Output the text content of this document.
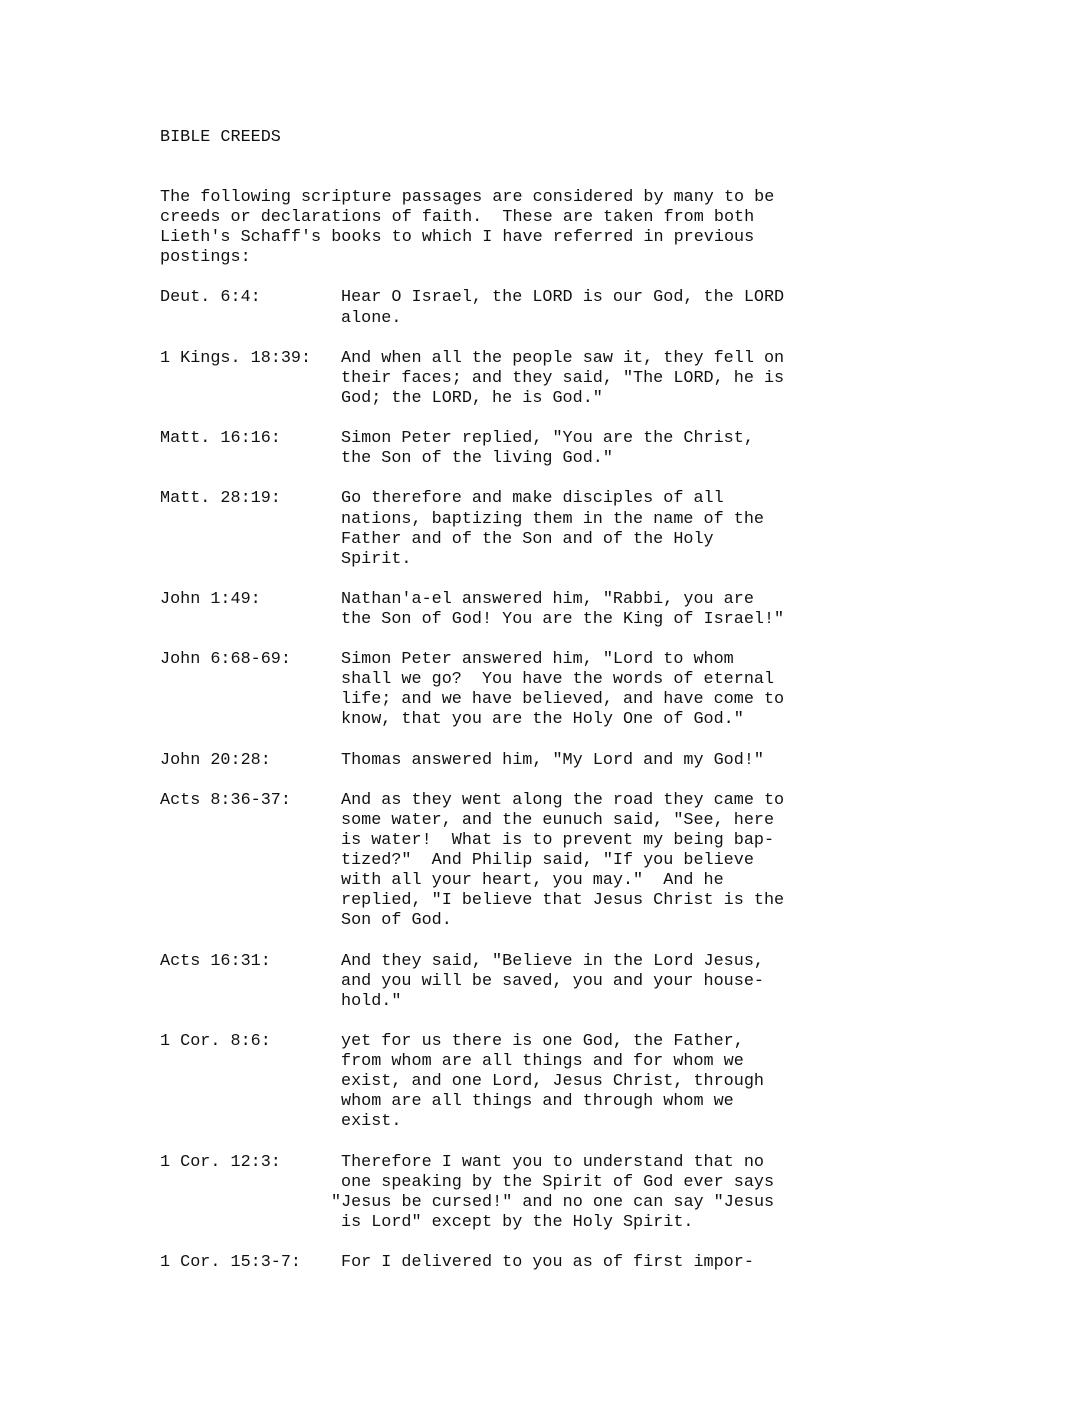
BIBLE CREEDS
The following scripture passages are considered by many to be
creeds or declarations of faith.  These are taken from both
Lieth's Schaff's books to which I have referred in previous
postings:
Deut. 6:4:	Hear O Israel, the LORD is our God, the LORD
alone.
1 Kings. 18:39:	And when all the people saw it, they fell on
their faces; and they said, "The LORD, he is
God; the LORD, he is God."
Matt. 16:16:	Simon Peter replied, "You are the Christ,
the Son of the living God."
Matt. 28:19:	Go therefore and make disciples of all
nations, baptizing them in the name of the
Father and of the Son and of the Holy
Spirit.
John 1:49:	Nathan'a-el answered him, "Rabbi, you are
the Son of God! You are the King of Israel!"
John 6:68-69:	Simon Peter answered him, "Lord to whom
shall we go?  You have the words of eternal
life; and we have believed, and have come to
know, that you are the Holy One of God."
John 20:28:	Thomas answered him, "My Lord and my God!"
Acts 8:36-37:	And as they went along the road they came to
some water, and the eunuch said, "See, here
is water!  What is to prevent my being bap-
tized?"  And Philip said, "If you believe
with all your heart, you may."  And he
replied, "I believe that Jesus Christ is the
Son of God.
Acts 16:31:	And they said, "Believe in the Lord Jesus,
and you will be saved, you and your house-
hold."
1 Cor. 8:6:	yet for us there is one God, the Father,
from whom are all things and for whom we
exist, and one Lord, Jesus Christ, through
whom are all things and through whom we
exist.
1 Cor. 12:3:	Therefore I want you to understand that no
one speaking by the Spirit of God ever says
"Jesus be cursed!" and no one can say "Jesus
is Lord" except by the Holy Spirit.
1 Cor. 15:3-7:	For I delivered to you as of first impor-
